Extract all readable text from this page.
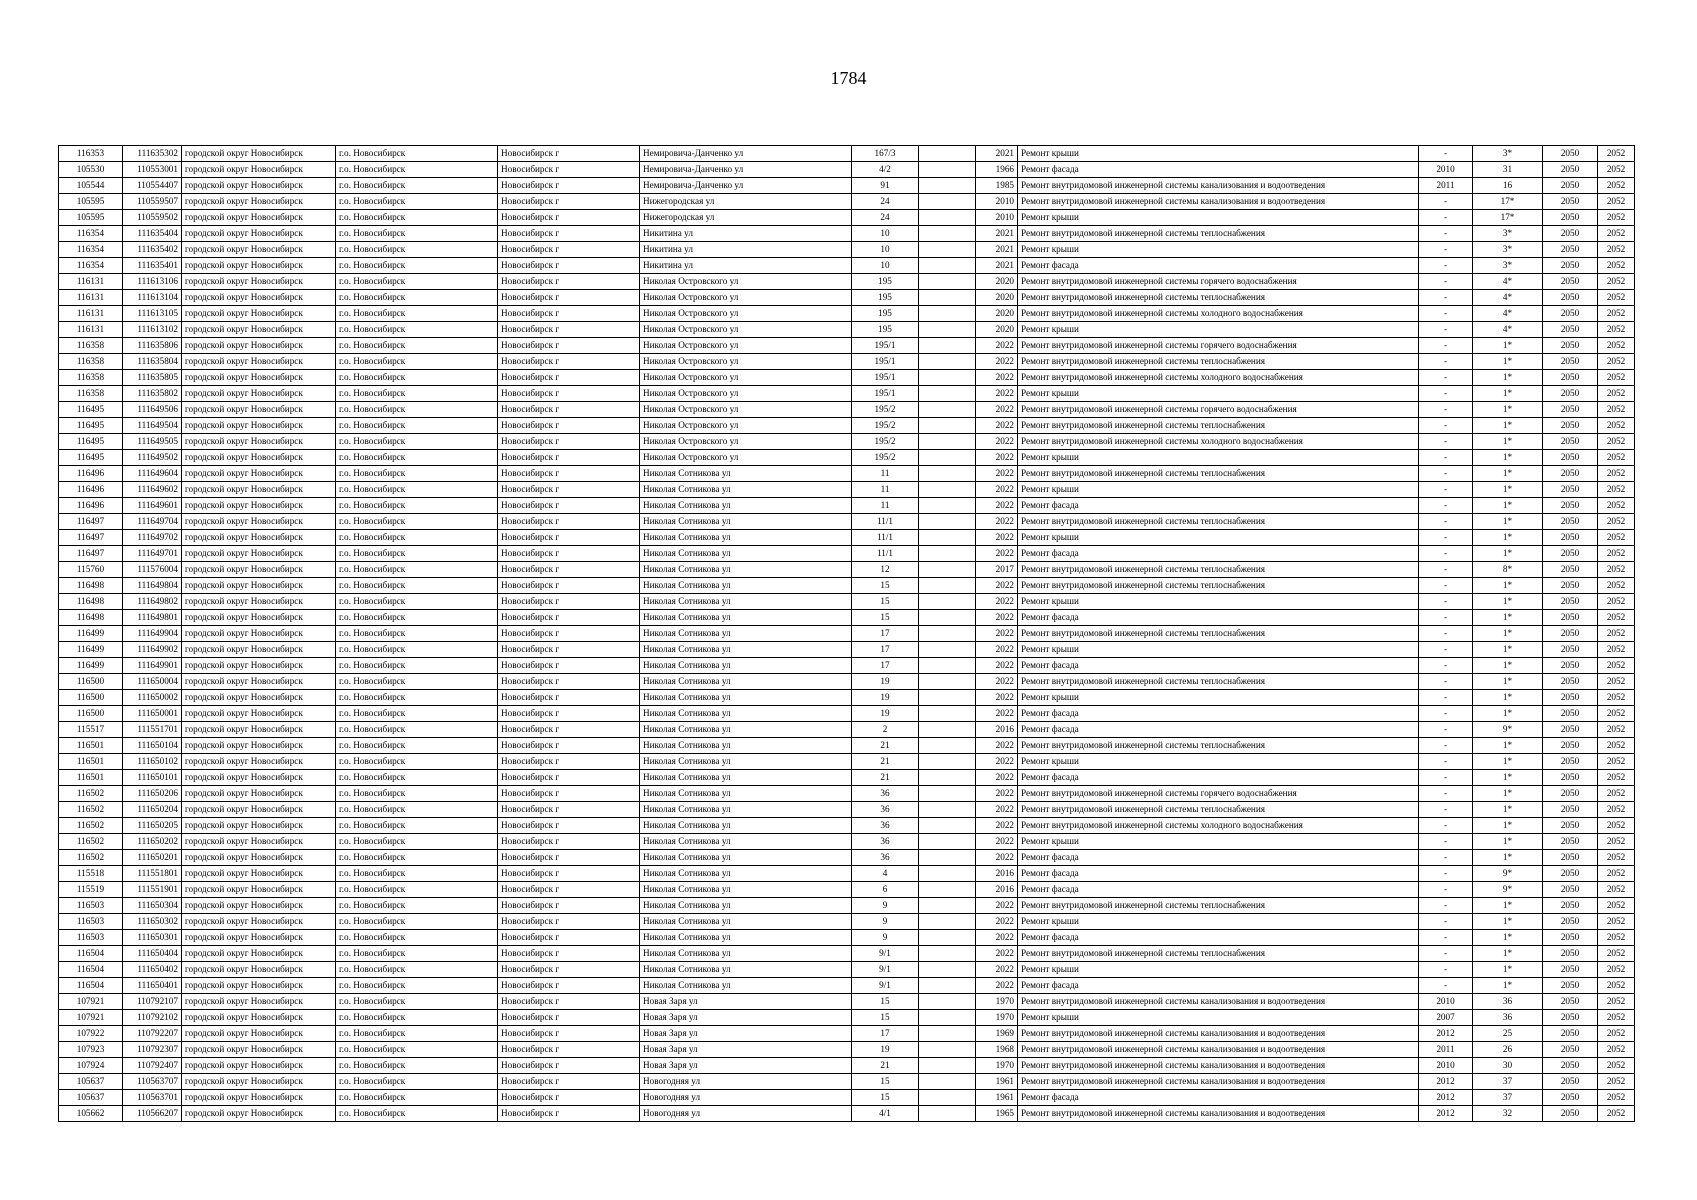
1784
116353	111635302	городской округ Новосибирск	г.о. Новосибирск	Новосибирск г	Немировича-Данченко ул	167/3		2021	Ремонт крыши	-	3*	2050	2052
105530	110553001	городской округ Новосибирск	г.о. Новосибирск	Новосибирск г	Немировича-Данченко ул	4/2		1966	Ремонт фасада	2010	31	2050	2052
105544	110554407	городской округ Новосибирск	г.о. Новосибирск	Новосибирск г	Немировича-Данченко ул	91		1985	Ремонт внутридомовой инженерной системы канализования и водоотведения	2011	16	2050	2052
105595	110559507	городской округ Новосибирск	г.о. Новосибирск	Новосибирск г	Нижегородская ул	24		2010	Ремонт внутридомовой инженерной системы канализования и водоотведения	-	17*	2050	2052
105595	110559502	городской округ Новосибирск	г.о. Новосибирск	Новосибирск г	Нижегородская ул	24		2010	Ремонт крыши	-	17*	2050	2052
116354	111635404	городской округ Новосибирск	г.о. Новосибирск	Новосибирск г	Никитина ул	10		2021	Ремонт внутридомовой инженерной системы теплоснабжения	-	3*	2050	2052
116354	111635402	городской округ Новосибирск	г.о. Новосибирск	Новосибирск г	Никитина ул	10		2021	Ремонт крыши	-	3*	2050	2052
116354	111635401	городской округ Новосибирск	г.о. Новосибирск	Новосибирск г	Никитина ул	10		2021	Ремонт фасада	-	3*	2050	2052
116131	111613106	городской округ Новосибирск	г.о. Новосибирск	Новосибирск г	Николая Островского ул	195		2020	Ремонт внутридомовой инженерной системы горячего водоснабжения	-	4*	2050	2052
116131	111613104	городской округ Новосибирск	г.о. Новосибирск	Новосибирск г	Николая Островского ул	195		2020	Ремонт внутридомовой инженерной системы теплоснабжения	-	4*	2050	2052
116131	111613105	городской округ Новосибирск	г.о. Новосибирск	Новосибирск г	Николая Островского ул	195		2020	Ремонт внутридомовой инженерной системы холодного водоснабжения	-	4*	2050	2052
116131	111613102	городской округ Новосибирск	г.о. Новосибирск	Новосибирск г	Николая Островского ул	195		2020	Ремонт крыши	-	4*	2050	2052
116358	111635806	городской округ Новосибирск	г.о. Новосибирск	Новосибирск г	Николая Островского ул	195/1		2022	Ремонт внутридомовой инженерной системы горячего водоснабжения	-	1*	2050	2052
116358	111635804	городской округ Новосибирск	г.о. Новосибирск	Новосибирск г	Николая Островского ул	195/1		2022	Ремонт внутридомовой инженерной системы теплоснабжения	-	1*	2050	2052
116358	111635805	городской округ Новосибирск	г.о. Новосибирск	Новосибирск г	Николая Островского ул	195/1		2022	Ремонт внутридомовой инженерной системы холодного водоснабжения	-	1*	2050	2052
116358	111635802	городской округ Новосибирск	г.о. Новосибирск	Новосибирск г	Николая Островского ул	195/1		2022	Ремонт крыши	-	1*	2050	2052
116495	111649506	городской округ Новосибирск	г.о. Новосибирск	Новосибирск г	Николая Островского ул	195/2		2022	Ремонт внутридомовой инженерной системы горячего водоснабжения	-	1*	2050	2052
116495	111649504	городской округ Новосибирск	г.о. Новосибирск	Новосибирск г	Николая Островского ул	195/2		2022	Ремонт внутридомовой инженерной системы теплоснабжения	-	1*	2050	2052
116495	111649505	городской округ Новосибирск	г.о. Новосибирск	Новосибирск г	Николая Островского ул	195/2		2022	Ремонт внутридомовой инженерной системы холодного водоснабжения	-	1*	2050	2052
116495	111649502	городской округ Новосибирск	г.о. Новосибирск	Новосибирск г	Николая Островского ул	195/2		2022	Ремонт крыши	-	1*	2050	2052
116496	111649604	городской округ Новосибирск	г.о. Новосибирск	Новосибирск г	Николая Сотникова ул	11		2022	Ремонт внутридомовой инженерной системы теплоснабжения	-	1*	2050	2052
116496	111649602	городской округ Новосибирск	г.о. Новосибирск	Новосибирск г	Николая Сотникова ул	11		2022	Ремонт крыши	-	1*	2050	2052
116496	111649601	городской округ Новосибирск	г.о. Новосибирск	Новосибирск г	Николая Сотникова ул	11		2022	Ремонт фасада	-	1*	2050	2052
116497	111649704	городской округ Новосибирск	г.о. Новосибирск	Новосибирск г	Николая Сотникова ул	11/1		2022	Ремонт внутридомовой инженерной системы теплоснабжения	-	1*	2050	2052
116497	111649702	городской округ Новосибирск	г.о. Новосибирск	Новосибирск г	Николая Сотникова ул	11/1		2022	Ремонт крыши	-	1*	2050	2052
116497	111649701	городской округ Новосибирск	г.о. Новосибирск	Новосибирск г	Николая Сотникова ул	11/1		2022	Ремонт фасада	-	1*	2050	2052
115760	111576004	городской округ Новосибирск	г.о. Новосибирск	Новосибирск г	Николая Сотникова ул	12		2017	Ремонт внутридомовой инженерной системы теплоснабжения	-	8*	2050	2052
116498	111649804	городской округ Новосибирск	г.о. Новосибирск	Новосибирск г	Николая Сотникова ул	15		2022	Ремонт внутридомовой инженерной системы теплоснабжения	-	1*	2050	2052
116498	111649802	городской округ Новосибирск	г.о. Новосибирск	Новосибирск г	Николая Сотникова ул	15		2022	Ремонт крыши	-	1*	2050	2052
116498	111649801	городской округ Новосибирск	г.о. Новосибирск	Новосибирск г	Николая Сотникова ул	15		2022	Ремонт фасада	-	1*	2050	2052
116499	111649904	городской округ Новосибирск	г.о. Новосибирск	Новосибирск г	Николая Сотникова ул	17		2022	Ремонт внутридомовой инженерной системы теплоснабжения	-	1*	2050	2052
116499	111649902	городской округ Новосибирск	г.о. Новосибирск	Новосибирск г	Николая Сотникова ул	17		2022	Ремонт крыши	-	1*	2050	2052
116499	111649901	городской округ Новосибирск	г.о. Новосибирск	Новосибирск г	Николая Сотникова ул	17		2022	Ремонт фасада	-	1*	2050	2052
116500	111650004	городской округ Новосибирск	г.о. Новосибирск	Новосибирск г	Николая Сотникова ул	19		2022	Ремонт внутридомовой инженерной системы теплоснабжения	-	1*	2050	2052
116500	111650002	городской округ Новосибирск	г.о. Новосибирск	Новосибирск г	Николая Сотникова ул	19		2022	Ремонт крыши	-	1*	2050	2052
116500	111650001	городской округ Новосибирск	г.о. Новосибирск	Новосибирск г	Николая Сотникова ул	19		2022	Ремонт фасада	-	1*	2050	2052
115517	111551701	городской округ Новосибирск	г.о. Новосибирск	Новосибирск г	Николая Сотникова ул	2		2016	Ремонт фасада	-	9*	2050	2052
116501	111650104	городской округ Новосибирск	г.о. Новосибирск	Новосибирск г	Николая Сотникова ул	21		2022	Ремонт внутридомовой инженерной системы теплоснабжения	-	1*	2050	2052
116501	111650102	городской округ Новосибирск	г.о. Новосибирск	Новосибирск г	Николая Сотникова ул	21		2022	Ремонт крыши	-	1*	2050	2052
116501	111650101	городской округ Новосибирск	г.о. Новосибирск	Новосибирск г	Николая Сотникова ул	21		2022	Ремонт фасада	-	1*	2050	2052
116502	111650206	городской округ Новосибирск	г.о. Новосибирск	Новосибирск г	Николая Сотникова ул	36		2022	Ремонт внутридомовой инженерной системы горячего водоснабжения	-	1*	2050	2052
116502	111650204	городской округ Новосибирск	г.о. Новосибирск	Новосибирск г	Николая Сотникова ул	36		2022	Ремонт внутридомовой инженерной системы теплоснабжения	-	1*	2050	2052
116502	111650205	городской округ Новосибирск	г.о. Новосибирск	Новосибирск г	Николая Сотникова ул	36		2022	Ремонт внутридомовой инженерной системы холодного водоснабжения	-	1*	2050	2052
116502	111650202	городской округ Новосибирск	г.о. Новосибирск	Новосибирск г	Николая Сотникова ул	36		2022	Ремонт крыши	-	1*	2050	2052
116502	111650201	городской округ Новосибирск	г.о. Новосибирск	Новосибирск г	Николая Сотникова ул	36		2022	Ремонт фасада	-	1*	2050	2052
115518	111551801	городской округ Новосибирск	г.о. Новосибирск	Новосибирск г	Николая Сотникова ул	4		2016	Ремонт фасада	-	9*	2050	2052
115519	111551901	городской округ Новосибирск	г.о. Новосибирск	Новосибирск г	Николая Сотникова ул	6		2016	Ремонт фасада	-	9*	2050	2052
116503	111650304	городской округ Новосибирск	г.о. Новосибирск	Новосибирск г	Николая Сотникова ул	9		2022	Ремонт внутридомовой инженерной системы теплоснабжения	-	1*	2050	2052
116503	111650302	городской округ Новосибирск	г.о. Новосибирск	Новосибирск г	Николая Сотникова ул	9		2022	Ремонт крыши	-	1*	2050	2052
116503	111650301	городской округ Новосибирск	г.о. Новосибирск	Новосибирск г	Николая Сотникова ул	9		2022	Ремонт фасада	-	1*	2050	2052
116504	111650404	городской округ Новосибирск	г.о. Новосибирск	Новосибирск г	Николая Сотникова ул	9/1		2022	Ремонт внутридомовой инженерной системы теплоснабжения	-	1*	2050	2052
116504	111650402	городской округ Новосибирск	г.о. Новосибирск	Новосибирск г	Николая Сотникова ул	9/1		2022	Ремонт крыши	-	1*	2050	2052
116504	111650401	городской округ Новосибирск	г.о. Новосибирск	Новосибирск г	Николая Сотникова ул	9/1		2022	Ремонт фасада	-	1*	2050	2052
107921	110792107	городской округ Новосибирск	г.о. Новосибирск	Новосибирск г	Новая Заря ул	15		1970	Ремонт внутридомовой инженерной системы канализования и водоотведения	2010	36	2050	2052
107921	110792102	городской округ Новосибирск	г.о. Новосибирск	Новосибирск г	Новая Заря ул	15		1970	Ремонт крыши	2007	36	2050	2052
107922	110792207	городской округ Новосибирск	г.о. Новосибирск	Новосибирск г	Новая Заря ул	17		1969	Ремонт внутридомовой инженерной системы канализования и водоотведения	2012	25	2050	2052
107923	110792307	городской округ Новосибирск	г.о. Новосибирск	Новосибирск г	Новая Заря ул	19		1968	Ремонт внутридомовой инженерной системы канализования и водоотведения	2011	26	2050	2052
107924	110792407	городской округ Новосибирск	г.о. Новосибирск	Новосибирск г	Новая Заря ул	21		1970	Ремонт внутридомовой инженерной системы канализования и водоотведения	2010	30	2050	2052
105637	110563707	городской округ Новосибирск	г.о. Новосибирск	Новосибирск г	Новогодняя ул	15		1961	Ремонт внутридомовой инженерной системы канализования и водоотведения	2012	37	2050	2052
105637	110563701	городской округ Новосибирск	г.о. Новосибирск	Новосибирск г	Новогодняя ул	15		1961	Ремонт фасада	2012	37	2050	2052
105662	110566207	городской округ Новосибирск	г.о. Новосибирск	Новосибирск г	Новогодняя ул	4/1		1965	Ремонт внутридомовой инженерной системы канализования и водоотведения	2012	32	2050	2052
